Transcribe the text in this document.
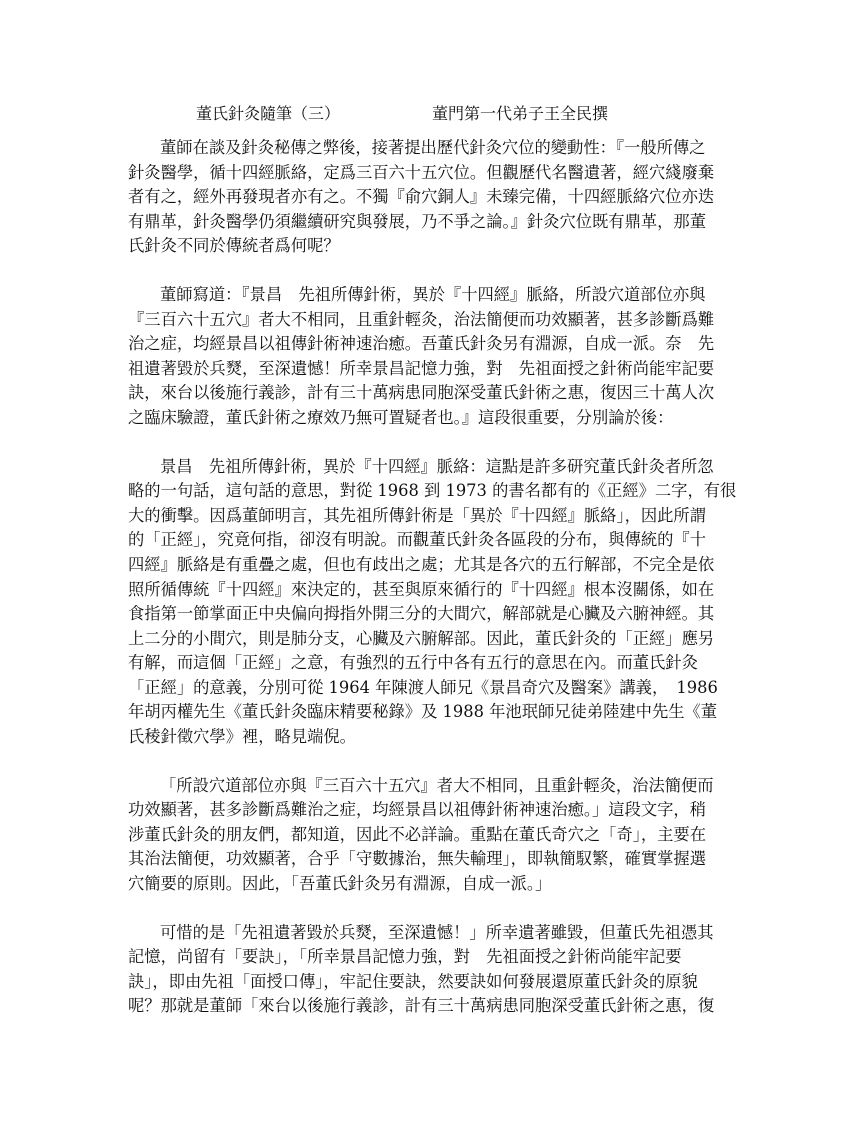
董氏針灸隨筆（三）	董門第一代弟子王全民撰
董師在談及針灸秘傳之弊後，接著提出歷代針灸穴位的變動性：『一般所傳之
針灸醫學，循十四經脈絡，定爲三百六十五穴位。但觀歷代名醫遺著，經穴綫廢棄
者有之，經外再發現者亦有之。不獨『俞穴銅人』未臻完備，十四經脈絡穴位亦迭
有鼎革，針灸醫學仍須繼續研究與發展，乃不爭之論。』針灸穴位既有鼎革，那董
氏針灸不同於傳統者爲何呢？
董師寫道：『景昌　先祖所傳針術，異於『十四經』脈絡，所設穴道部位亦與
『三百六十五穴』者大不相同，且重針輕灸，治法簡便而功效顯著，甚多診斷爲難
治之症，均經景昌以祖傳針術神速治癒。吾董氏針灸另有淵源，自成一派。奈　先
祖遺著毀於兵燹，至深遺憾！所幸景昌記憶力強，對　先祖面授之針術尚能牢記要
訣，來台以後施行義診，計有三十萬病患同胞深受董氏針術之惠，復因三十萬人次
之臨床驗證，董氏針術之療效乃無可置疑者也。』這段很重要，分別論於後：
景昌　先祖所傳針術，異於『十四經』脈絡：這點是許多研究董氏針灸者所忽
略的一句話，這句話的意思，對從 1968 到 1973 的書名都有的《正經》二字，有很
大的衝擊。因爲董師明言，其先祖所傳針術是「異於『十四經』脈絡」，因此所謂
的「正經」，究竟何指，卻沒有明說。而觀董氏針灸各區段的分布，與傳統的『十
四經』脈絡是有重疊之處，但也有歧出之處；尤其是各穴的五行解部，不完全是依
照所循傳統『十四經』來決定的，甚至與原來循行的『十四經』根本沒關係，如在
食指第一節掌面正中央偏向拇指外開三分的大間穴，解部就是心臟及六腑神經。其
上二分的小間穴，則是肺分支，心臟及六腑解部。因此，董氏針灸的「正經」應另
有解，而這個「正經」之意，有強烈的五行中各有五行的意思在內。而董氏針灸
「正經」的意義，分別可從 1964 年陳渡人師兄《景昌奇穴及醫案》講義，　1986
年胡丙權先生《董氏針灸臨床精要秘錄》及 1988 年池珉師兄徒弟陸建中先生《董
氏稜針徵穴學》裡，略見端倪。
「所設穴道部位亦與『三百六十五穴』者大不相同，且重針輕灸，治法簡便而
功效顯著，甚多診斷爲難治之症，均經景昌以祖傳針術神速治癒。」這段文字，稍
涉董氏針灸的朋友們，都知道，因此不必詳論。重點在董氏奇穴之「奇」，主要在
其治法簡便，功效顯著，合乎「守數據治，無失輸理」，即執簡馭繁，確實掌握選
穴簡要的原則。因此，「吾董氏針灸另有淵源，自成一派。」
可惜的是「先祖遺著毀於兵燹，至深遺憾！」所幸遺著雖毀，但董氏先祖憑其
記憶，尚留有「要訣」，「所幸景昌記憶力強，對　先祖面授之針術尚能牢記要
訣」，即由先祖「面授口傳」，牢記住要訣，然要訣如何發展還原董氏針灸的原貌
呢？那就是董師「來台以後施行義診，計有三十萬病患同胞深受董氏針術之惠，復
